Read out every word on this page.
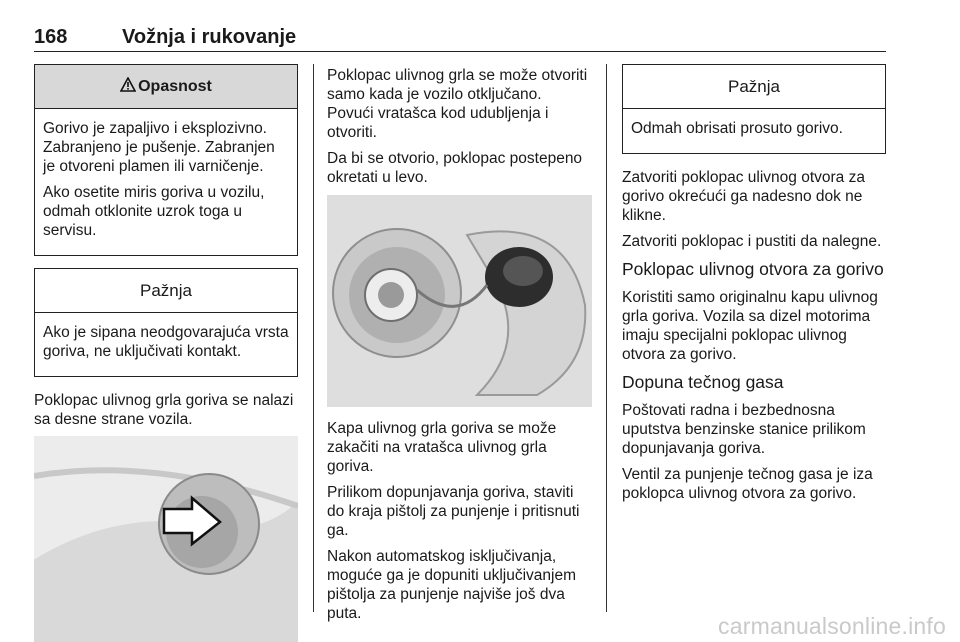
168	Vožnja i rukovanje
Opasnost

Gorivo je zapaljivo i eksplozivno. Zabranjeno je pušenje. Zabranjen je otvoreni plamen ili varničenje.

Ako osetite miris goriva u vozilu, odmah otklonite uzrok toga u servisu.

Pažnja

Ako je sipana neodgovarajuća vrsta goriva, ne uključivati kontakt.

Poklopac ulivnog grla goriva se nalazi sa desne strane vozila.

Poklopac ulivnog grla se može otvoriti samo kada je vozilo otključano. Povući vratašca kod udubljenja i otvoriti.

Da bi se otvorio, poklopac postepeno okretati u levo.

Kapa ulivnog grla goriva se može zakačiti na vratašca ulivnog grla goriva.

Prilikom dopunjavanja goriva, staviti do kraja pištolj za punjenje i pritisnuti ga.

Nakon automatskog isključivanja, moguće ga je dopuniti uključivanjem pištolja za punjenje najviše još dva puta.

Pažnja

Odmah obrisati prosuto gorivo.

Zatvoriti poklopac ulivnog otvora za gorivo okrećući ga nadesno dok ne klikne.

Zatvoriti poklopac i pustiti da nalegne.

Poklopac ulivnog otvora za gorivo

Koristiti samo originalnu kapu ulivnog grla goriva. Vozila sa dizel motorima imaju specijalni poklopac ulivnog otvora za gorivo.

Dopuna tečnog gasa

Poštovati radna i bezbednosna uputstva benzinske stanice prilikom dopunjavanja goriva.

Ventil za punjenje tečnog gasa je iza poklopca ulivnog otvora za gorivo.

carmanualsonline.info
